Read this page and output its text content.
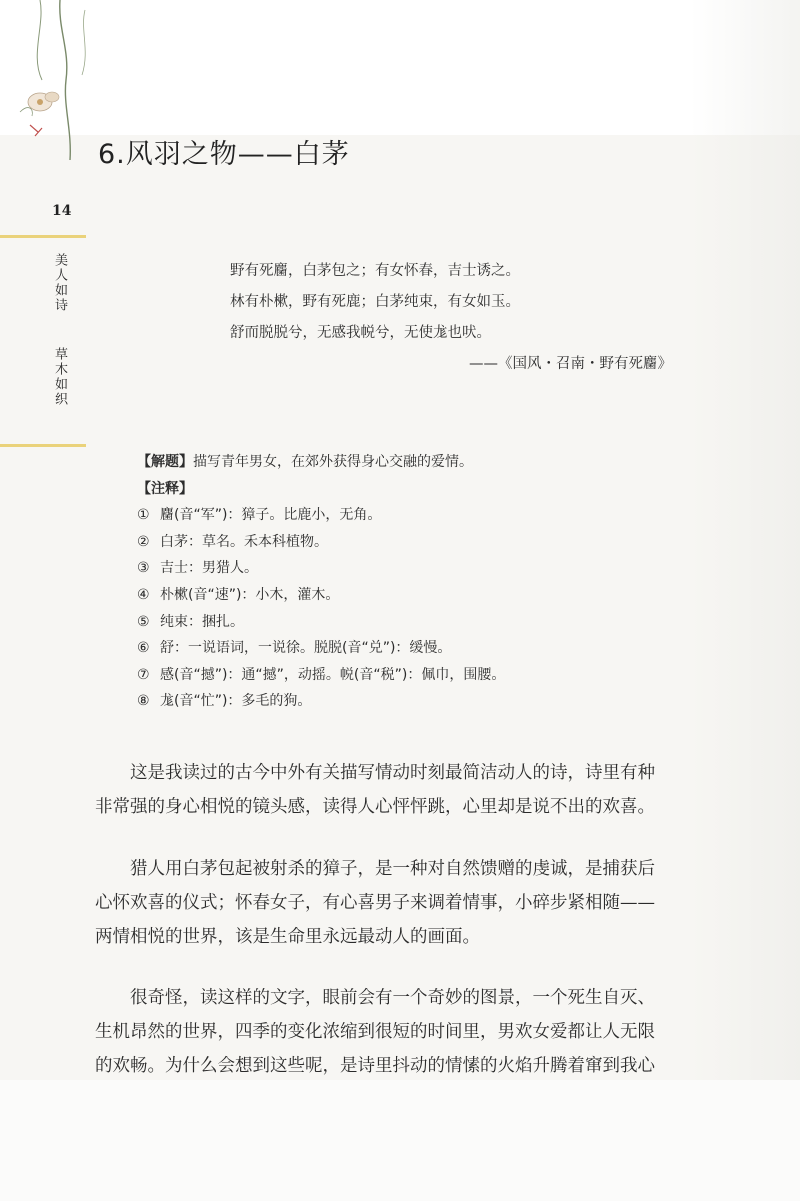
6.风羽之物——白茅
14
美人如诗
草木如织
野有死麕，白茅包之；有女怀春，吉士诱之。
林有朴樕，野有死鹿；白茅纯束，有女如玉。
舒而脱脱兮，无感我帨兮，无使尨也吠。
——《国风・召南・野有死麕》
【解题】描写青年男女，在郊外获得身心交融的爱情。
【注释】
① 麕(音“军”)：獐子。比鹿小，无角。
② 白茅：草名。禾本科植物。
③ 吉士：男猎人。
④ 朴樕(音“速”)：小木，灌木。
⑤ 纯束：捆扎。
⑥ 舒：一说语词，一说徐。脱脱(音“兑”)：缓慢。
⑦ 感(音“撼”)：通“撼”，动摇。帨(音“税”)：佩巾，围腰。
⑧ 尨(音“忙”)：多毛的狗。

　　这是我读过的古今中外有关描写情动时刻最简洁动人的诗，诗里有种
非常强的身心相悦的镜头感，读得人心怦怦跳，心里却是说不出的欢喜。

　　猎人用白茅包起被射杀的獐子，是一种对自然馈赠的虔诚，是捕获后
心怀欢喜的仪式；怀春女子，有心喜男子来调着情事，小碎步紧相随——
两情相悦的世界，该是生命里永远最动人的画面。

　　很奇怪，读这样的文字，眼前会有一个奇妙的图景，一个死生自灭、
生机昂然的世界，四季的变化浓缩到很短的时间里，男欢女爱都让人无限
的欢畅。为什么会想到这些呢，是诗里抖动的情愫的火焰升腾着窜到我心
